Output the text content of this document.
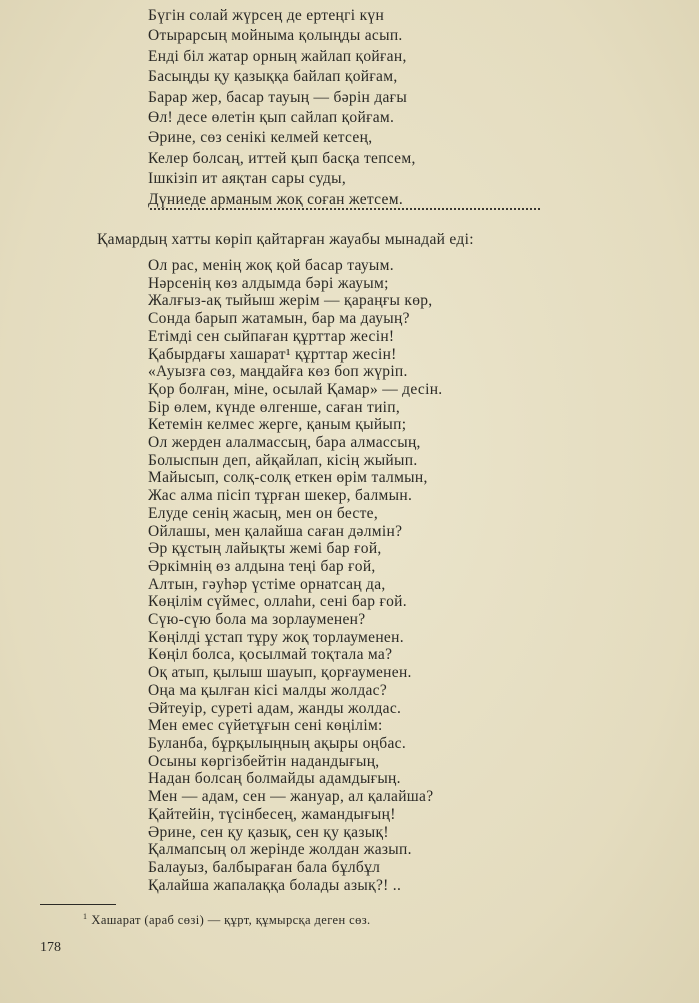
Бүгін солай жүрсең де ертеңгі күн
Отырарсың мойныма қолыңды асып.
Енді біл жатар орның жайлап қойған,
Басыңды қу қазыққа байлап қойғам,
Барар жер, басар тауың — бәрін дағы
Өл! десе өлетін қып сайлап қойғам.
Әрине, сөз сенікі келмей кетсең,
Келер болсаң, иттей қып басқа тепсем,
Ішкізіп ит аяқтан сары суды,
Дүниеде арманым жоқ соған жетсем.
Қамардың хатты көріп қайтарған жауабы мынадай еді:
Ол рас, менің жоқ қой басар тауым.
Нәрсенің көз алдымда бәрі жауым;
Жалғыз-ақ тыйыш жерім — қараңғы көр,
Сонда барып жатамын, бар ма дауың?
Етімді сен сыйпаған құрттар жесін!
Қабырдағы хашарат¹ құрттар жесін!
«Ауызға сөз, маңдайға көз боп жүріп.
Қор болған, міне, осылай Қамар» — десін.
Бір өлем, күнде өлгенше, саған тиіп,
Кетемін келмес жерге, қаным қыйып;
Ол жерден алалмассың, бара алмассың,
Болыспын деп, айқайлап, кісің жыйып.
Майысып, солқ-солқ еткен өрім талмын,
Жас алма пісіп тұрған шекер, балмын.
Елуде сенің жасың, мен он бесте,
Ойлашы, мен қалайша саған дәлмін?
Әр құстың лайықты жемі бар ғой,
Әркімнің өз алдына теңі бар ғой,
Алтын, гәуһәр үстіме орнатсаң да,
Көңілім сүймес, оллаһи, сені бар ғой.
Сүю-сүю бола ма зорлауменен?
Көңілді ұстап тұру жоқ торлауменен.
Көңіл болса, қосылмай тоқтала ма?
Оқ атып, қылыш шауып, қорғауменен.
Оңа ма қылған кісі малды жолдас?
Әйтеуір, суреті адам, жанды жолдас.
Мен емес сүйетұғын сені көңілім:
Буланба, бұрқылыңның ақыры оңбас.
Осыны көргізбейтін надандығың,
Надан болсаң болмайды адамдығың.
Мен — адам, сен — жануар, ал қалайша?
Қайтейін, түсінбесең, жамандығың!
Әрине, сен қу қазық, сен қу қазық!
Қалмапсың ол жерінде жолдан жазып.
Балауыз, балбыраған бала бұлбұл
Қалайша жапалаққа болады азық?! ..
$^1$ Хашарат (араб сөзі) — құрт, құмырсқа деген сөз.
178
